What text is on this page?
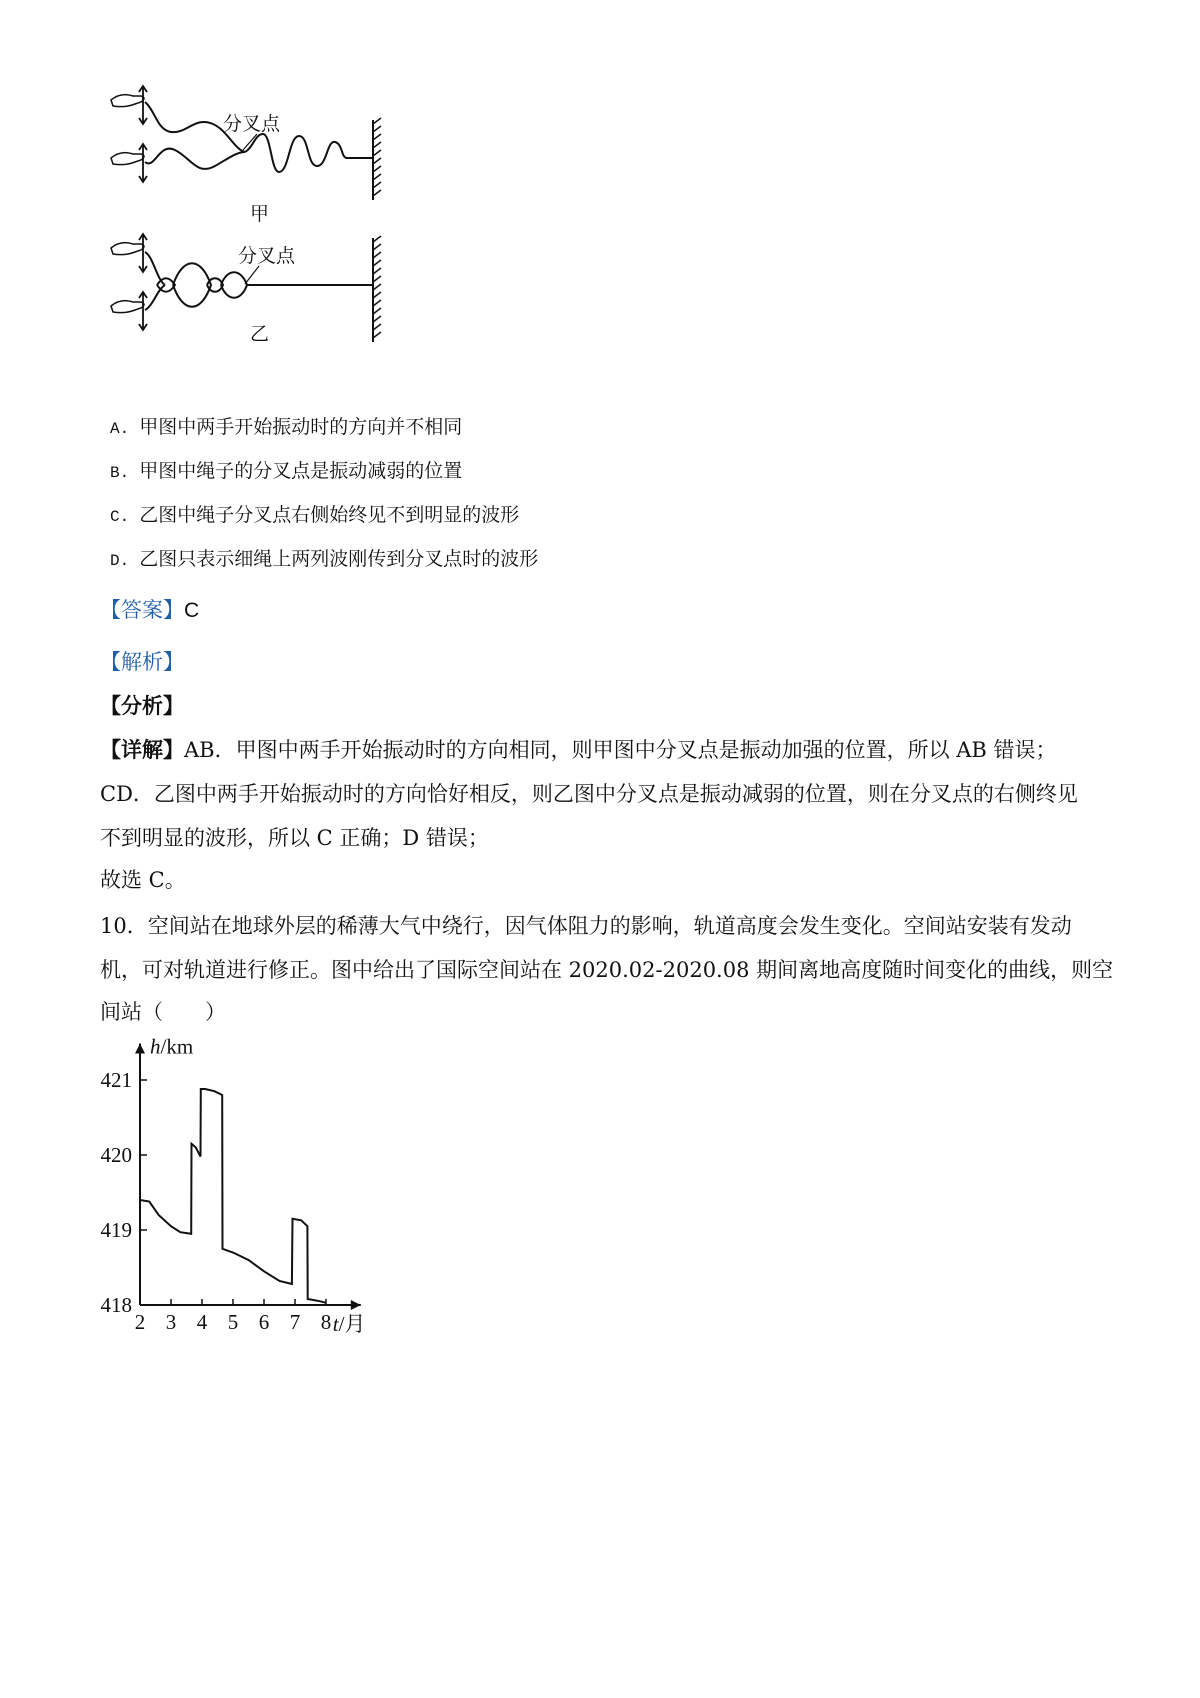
分叉点
甲
分叉点
乙
A. 甲图中两手开始振动时的方向并不相同
B. 甲图中绳子的分叉点是振动减弱的位置
C. 乙图中绳子分叉点右侧始终见不到明显的波形
D. 乙图只表示细绳上两列波刚传到分叉点时的波形
【答案】C
【解析】
【分析】
【详解】AB．甲图中两手开始振动时的方向相同，则甲图中分叉点是振动加强的位置，所以 AB 错误；
CD．乙图中两手开始振动时的方向恰好相反，则乙图中分叉点是振动减弱的位置，则在分叉点的右侧终见
不到明显的波形，所以 C 正确；D 错误；
故选 C。
10．空间站在地球外层的稀薄大气中绕行，因气体阻力的影响，轨道高度会发生变化。空间站安装有发动
机，可对轨道进行修正。图中给出了国际空间站在 2020.02-2020.08 期间离地高度随时间变化的曲线，则空
间站（　　）
2 3 4 5 6 7 8
421
420
419
418
h/km
t/月
